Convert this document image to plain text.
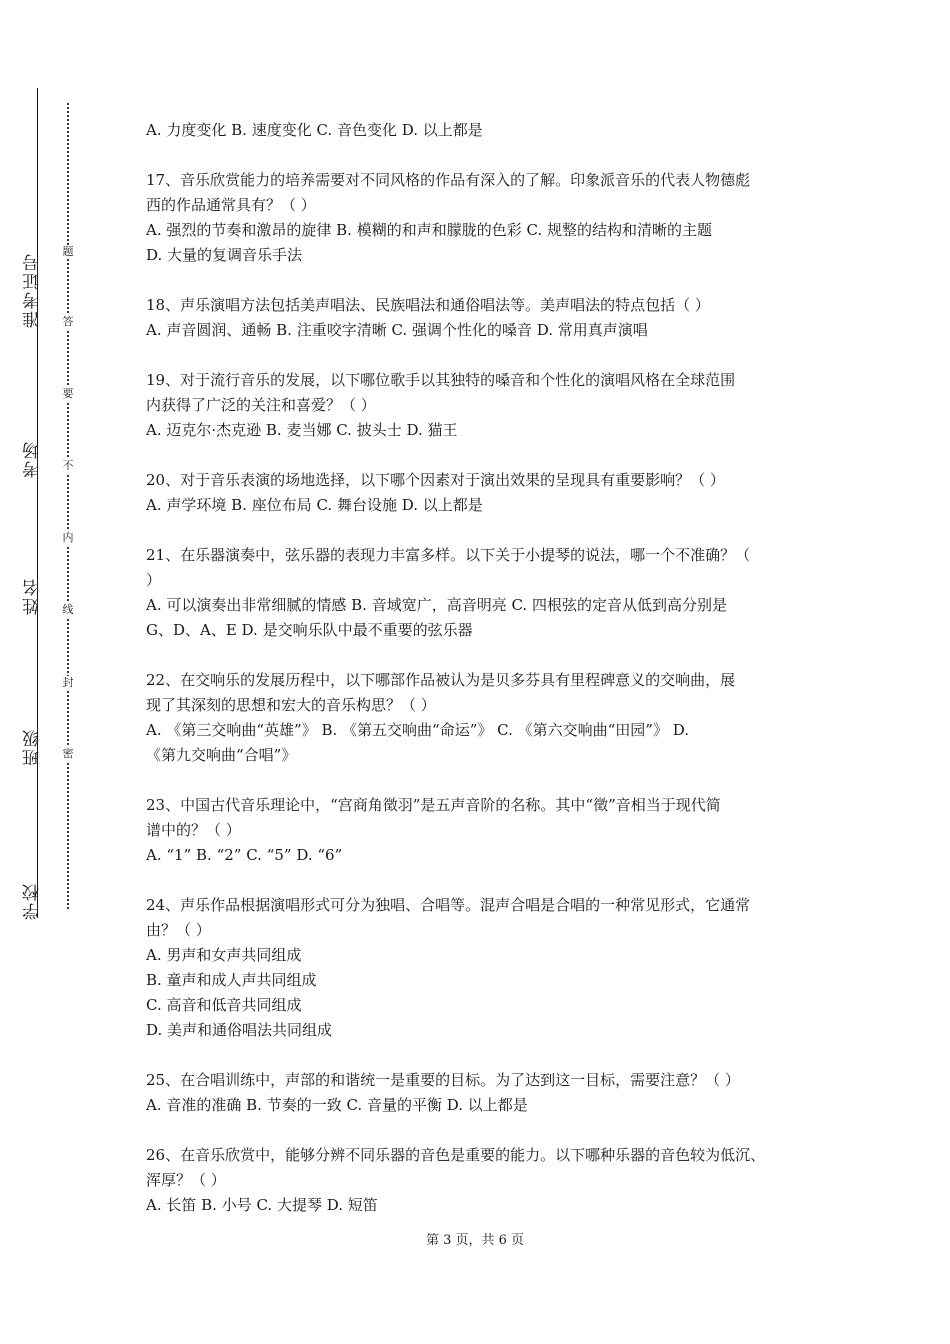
准考证号
考场
姓名
班级
学校
题
答
要
不
内
线
封
密
A. 力度变化 B. 速度变化 C. 音色变化 D. 以上都是
17、音乐欣赏能力的培养需要对不同风格的作品有深入的了解。印象派音乐的代表人物德彪
西的作品通常具有？（ ）
A. 强烈的节奏和激昂的旋律 B. 模糊的和声和朦胧的色彩 C. 规整的结构和清晰的主题
D. 大量的复调音乐手法
18、声乐演唱方法包括美声唱法、民族唱法和通俗唱法等。美声唱法的特点包括（ ）
A. 声音圆润、通畅 B. 注重咬字清晰 C. 强调个性化的嗓音 D. 常用真声演唱
19、对于流行音乐的发展，以下哪位歌手以其独特的嗓音和个性化的演唱风格在全球范围
内获得了广泛的关注和喜爱？（ ）
A. 迈克尔·杰克逊 B. 麦当娜 C. 披头士 D. 猫王
20、对于音乐表演的场地选择，以下哪个因素对于演出效果的呈现具有重要影响？（ ）
A. 声学环境 B. 座位布局 C. 舞台设施 D. 以上都是
21、在乐器演奏中，弦乐器的表现力丰富多样。以下关于小提琴的说法，哪一个不准确？（
）
A. 可以演奏出非常细腻的情感 B. 音域宽广，高音明亮 C. 四根弦的定音从低到高分别是
G、D、A、E D. 是交响乐队中最不重要的弦乐器
22、在交响乐的发展历程中，以下哪部作品被认为是贝多芬具有里程碑意义的交响曲，展
现了其深刻的思想和宏大的音乐构思？（ ）
A. 《第三交响曲“英雄”》 B. 《第五交响曲“命运”》 C. 《第六交响曲“田园”》 D.
《第九交响曲“合唱”》
23、中国古代音乐理论中，“宫商角徵羽”是五声音阶的名称。其中“徵”音相当于现代简
谱中的？（ ）
A. “1” B. “2” C. “5” D. “6”
24、声乐作品根据演唱形式可分为独唱、合唱等。混声合唱是合唱的一种常见形式，它通常
由？（ ）
A. 男声和女声共同组成
B. 童声和成人声共同组成
C. 高音和低音共同组成
D. 美声和通俗唱法共同组成
25、在合唱训练中，声部的和谐统一是重要的目标。为了达到这一目标，需要注意？（ ）
A. 音准的准确 B. 节奏的一致 C. 音量的平衡 D. 以上都是
26、在音乐欣赏中，能够分辨不同乐器的音色是重要的能力。以下哪种乐器的音色较为低沉、
浑厚？（ ）
A. 长笛 B. 小号 C. 大提琴 D. 短笛
第 3 页，共 6 页
